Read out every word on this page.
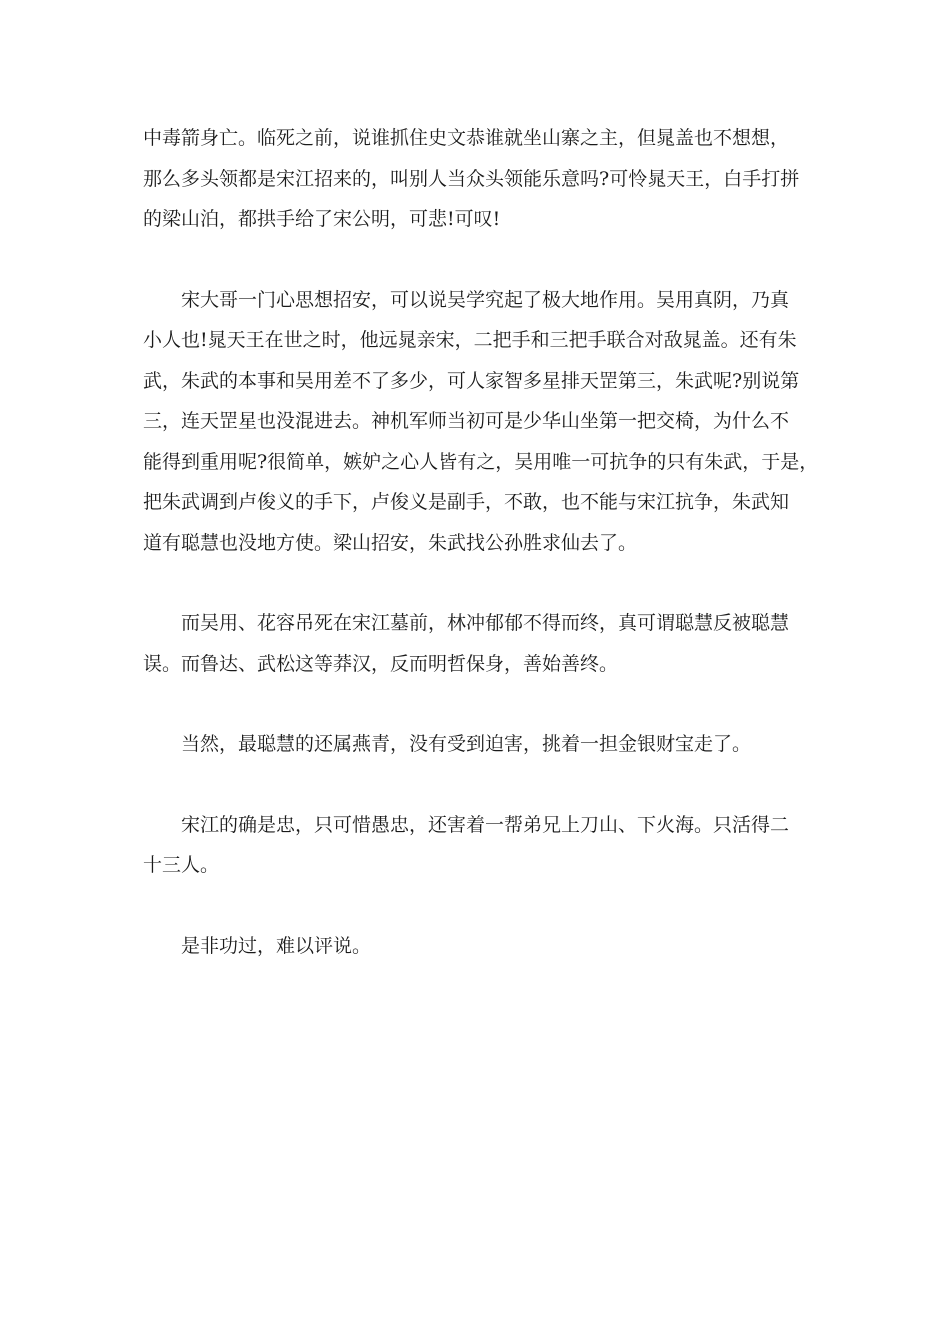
中毒箭身亡。临死之前，说谁抓住史文恭谁就坐山寨之主，但晁盖也不想想，
那么多头领都是宋江招来的，叫别人当众头领能乐意吗?可怜晁天王，白手打拼
的梁山泊，都拱手给了宋公明，可悲!可叹!

宋大哥一门心思想招安，可以说吴学究起了极大地作用。吴用真阴，乃真
小人也!晁天王在世之时，他远晁亲宋，二把手和三把手联合对敌晁盖。还有朱
武，朱武的本事和吴用差不了多少，可人家智多星排天罡第三，朱武呢?别说第
三，连天罡星也没混进去。神机军师当初可是少华山坐第一把交椅，为什么不
能得到重用呢?很简单，嫉妒之心人皆有之，吴用唯一可抗争的只有朱武，于是，
把朱武调到卢俊义的手下，卢俊义是副手，不敢，也不能与宋江抗争，朱武知
道有聪慧也没地方使。梁山招安，朱武找公孙胜求仙去了。

而吴用、花容吊死在宋江墓前，林冲郁郁不得而终，真可谓聪慧反被聪慧
误。而鲁达、武松这等莽汉，反而明哲保身，善始善终。

当然，最聪慧的还属燕青，没有受到迫害，挑着一担金银财宝走了。

宋江的确是忠，只可惜愚忠，还害着一帮弟兄上刀山、下火海。只活得二
十三人。

是非功过，难以评说。
